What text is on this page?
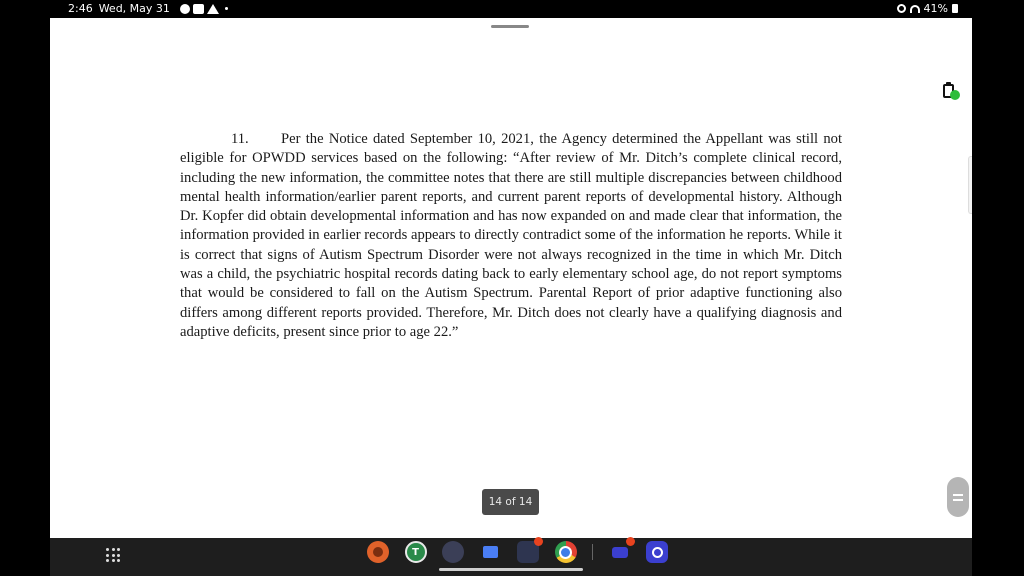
2:46 Wed, May 31	41%
11. Per the Notice dated September 10, 2021, the Agency determined the Appellant was still not eligible for OPWDD services based on the following: “After review of Mr. Ditch’s complete clinical record, including the new information, the committee notes that there are still multiple discrepancies between childhood mental health information/earlier parent reports, and current parent reports of developmental history. Although Dr. Kopfer did obtain developmental information and has now expanded on and made clear that information, the information provided in earlier records appears to directly contradict some of the information he reports. While it is correct that signs of Autism Spectrum Disorder were not always recognized in the time in which Mr. Ditch was a child, the psychiatric hospital records dating back to early elementary school age, do not report symptoms that would be considered to fall on the Autism Spectrum. Parental Report of prior adaptive functioning also differs among different reports provided. Therefore, Mr. Ditch does not clearly have a qualifying diagnosis and adaptive deficits, present since prior to age 22.”
14 of 14
T
